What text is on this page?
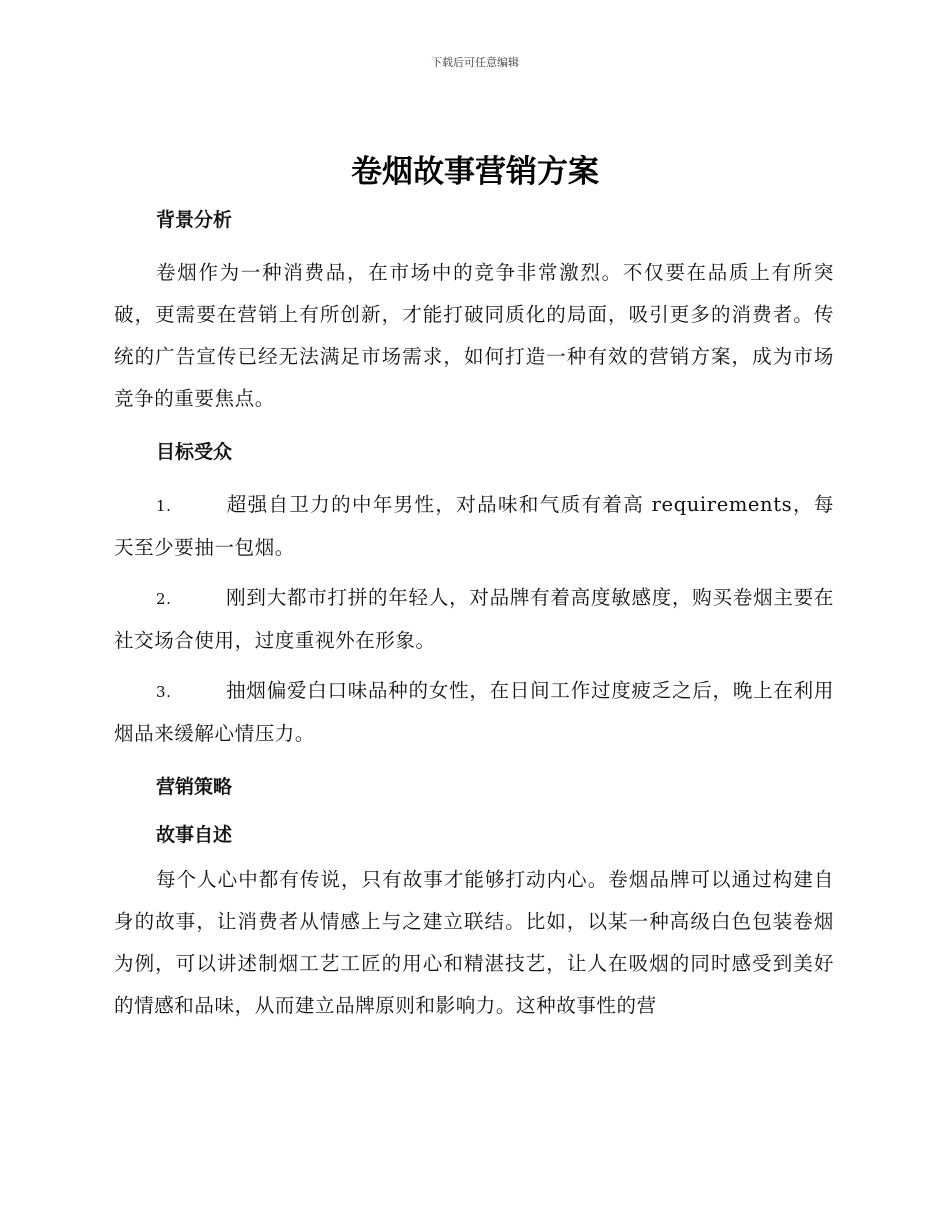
下载后可任意编辑
卷烟故事营销方案
背景分析

卷烟作为一种消费品，在市场中的竞争非常激烈。不仅要在品质上有所突破，更需要在营销上有所创新，才能打破同质化的局面，吸引更多的消费者。传统的广告宣传已经无法满足市场需求，如何打造一种有效的营销方案，成为市场竞争的重要焦点。

目标受众

1.	超强自卫力的中年男性，对品味和气质有着高 requirements，每天至少要抽一包烟。

2.	刚到大都市打拼的年轻人，对品牌有着高度敏感度，购买卷烟主要在社交场合使用，过度重视外在形象。

3.	抽烟偏爱白口味品种的女性，在日间工作过度疲乏之后，晚上在利用烟品来缓解心情压力。

营销策略
故事自述

每个人心中都有传说，只有故事才能够打动内心。卷烟品牌可以通过构建自身的故事，让消费者从情感上与之建立联结。比如，以某一种高级白色包装卷烟为例，可以讲述制烟工艺工匠的用心和精湛技艺，让人在吸烟的同时感受到美好的情感和品味，从而建立品牌原则和影响力。这种故事性的营
